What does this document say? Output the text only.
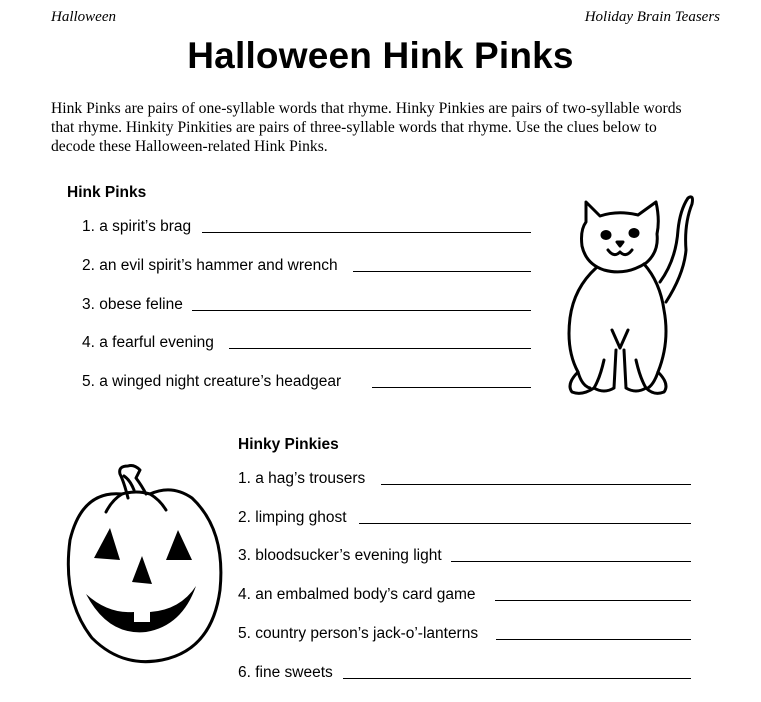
Halloween	Holiday Brain Teasers
Halloween Hink Pinks
Hink Pinks are pairs of one-syllable words that rhyme. Hinky Pinkies are pairs of two-syllable words
that rhyme. Hinkity Pinkities are pairs of three-syllable words that rhyme. Use the clues below to
decode these Halloween-related Hink Pinks.
Hink Pinks
1. a spirit’s brag
2. an evil spirit’s hammer and wrench
3. obese feline
4. a fearful evening
5. a winged night creature’s headgear
Hinky Pinkies
1. a hag’s trousers
2. limping ghost
3. bloodsucker’s evening light
4. an embalmed body’s card game
5. country person’s jack-o’-lanterns
6. fine sweets
